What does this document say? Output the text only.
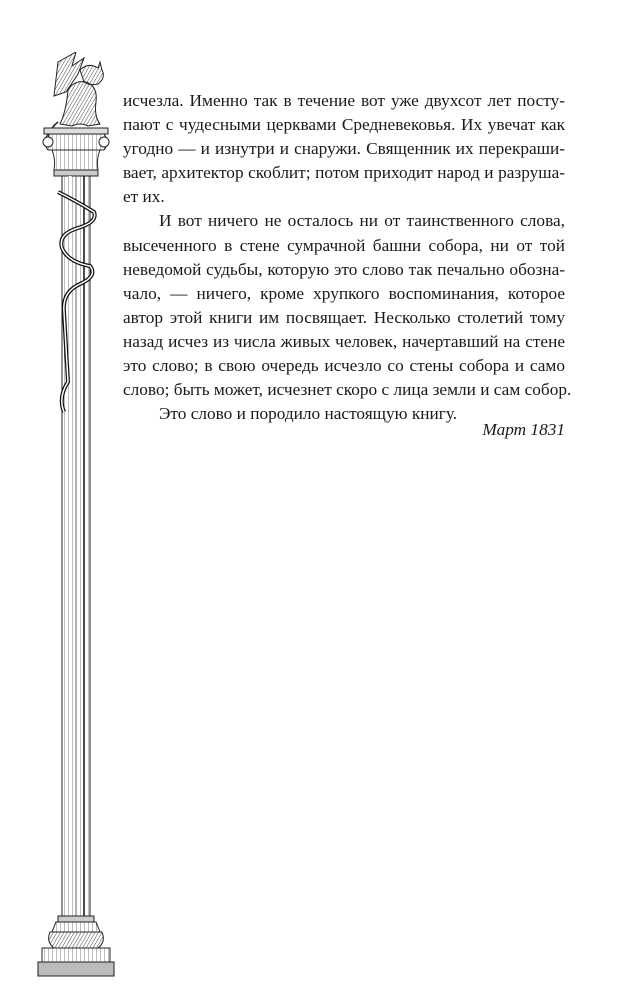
исчезла. Именно так в течение вот уже двухсот лет посту-
пают с чудесными церквами Средневековья. Их увечат как
угодно — и изнутри и снаружи. Священник их перекраши-
вает, архитектор скоблит; потом приходит народ и разруша-
ет их.
И вот ничего не осталось ни от таинственного слова,
высеченного в стене сумрачной башни собора, ни от той
неведомой судьбы, которую это слово так печально обозна-
чало, — ничего, кроме хрупкого воспоминания, которое
автор этой книги им посвящает. Несколько столетий тому
назад исчез из числа живых человек, начертавший на стене
это слово; в свою очередь исчезло со стены собора и само
слово; быть может, исчезнет скоро с лица земли и сам собор.
Это слово и породило настоящую книгу.
Март 1831
